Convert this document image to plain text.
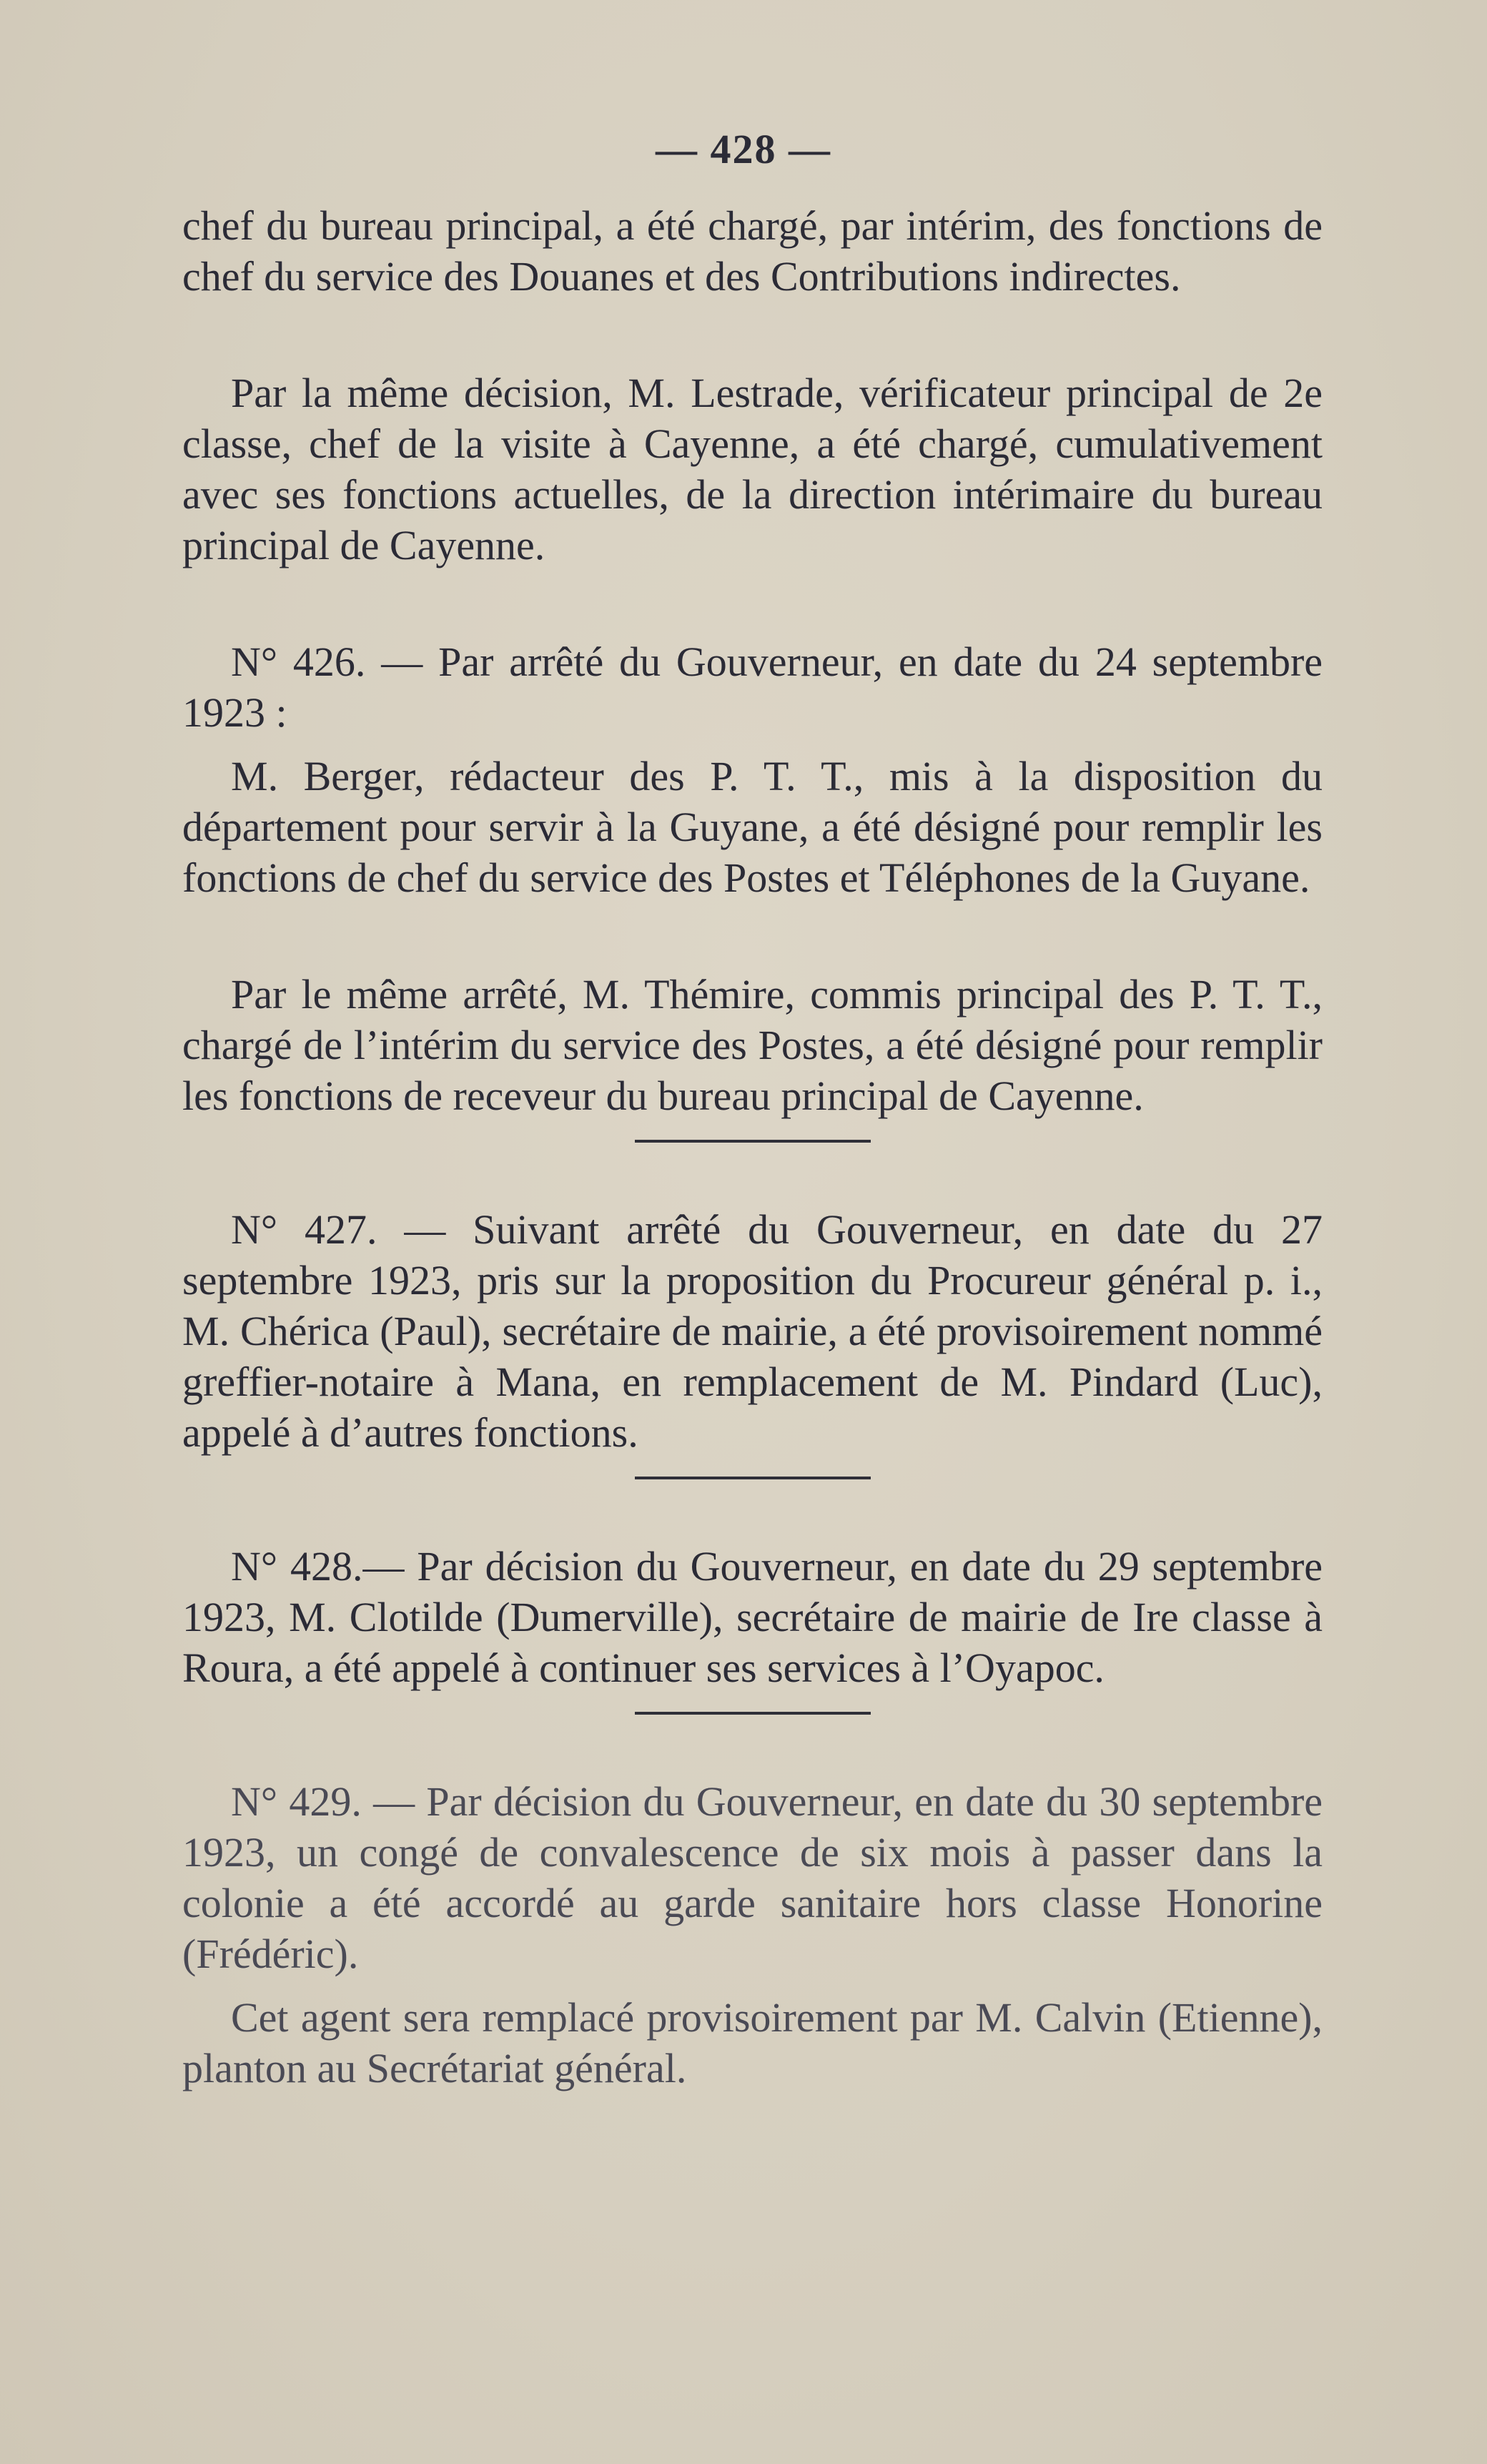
— 428 —

chef du bureau principal, a été chargé, par intérim, des fonctions de chef du service des Douanes et des Contributions indirectes.

Par la même décision, M. Lestrade, vérificateur principal de 2e classe, chef de la visite à Cayenne, a été chargé, cumulativement avec ses fonctions actuelles, de la direction intérimaire du bureau principal de Cayenne.

N° 426. — Par arrêté du Gouverneur, en date du 24 septembre 1923 :

M. Berger, rédacteur des P. T. T., mis à la disposition du département pour servir à la Guyane, a été désigné pour remplir les fonctions de chef du service des Postes et Téléphones de la Guyane.

Par le même arrêté, M. Thémire, commis principal des P. T. T., chargé de l’intérim du service des Postes, a été désigné pour remplir les fonctions de receveur du bureau principal de Cayenne.

N° 427. — Suivant arrêté du Gouverneur, en date du 27 septembre 1923, pris sur la proposition du Procureur général p. i., M. Chérica (Paul), secrétaire de mairie, a été provisoirement nommé greffier-notaire à Mana, en remplacement de M. Pindard (Luc), appelé à d’autres fonctions.

N° 428.— Par décision du Gouverneur, en date du 29 septembre 1923, M. Clotilde (Dumerville), secrétaire de mairie de Ire classe à Roura, a été appelé à continuer ses services à l’Oyapoc.

N° 429. — Par décision du Gouverneur, en date du 30 septembre 1923, un congé de convalescence de six mois à passer dans la colonie a été accordé au garde sanitaire hors classe Honorine (Frédéric).

Cet agent sera remplacé provisoirement par M. Calvin (Etienne), planton au Secrétariat général.
